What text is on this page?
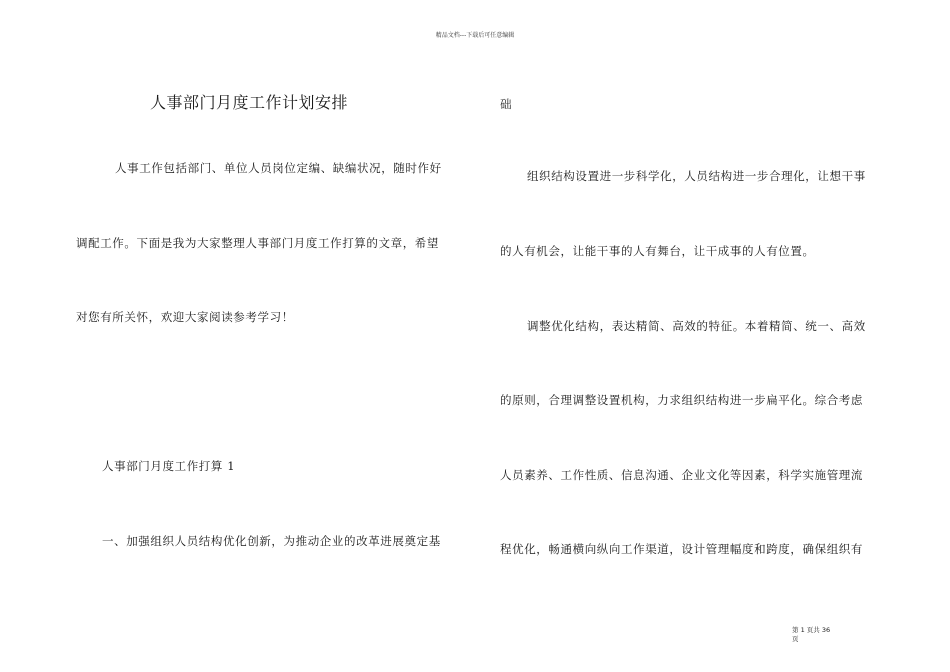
精品文档---下载后可任意编辑
人事部门月度工作计划安排
人事工作包括部门、单位人员岗位定编、缺编状况，随时作好
调配工作。下面是我为大家整理人事部门月度工作打算的文章，希望
对您有所关怀，欢迎大家阅读参考学习！
人事部门月度工作打算 1
一、加强组织人员结构优化创新，为推动企业的改革进展奠定基
础
组织结构设置进一步科学化，人员结构进一步合理化，让想干事
的人有机会，让能干事的人有舞台，让干成事的人有位置。
调整优化结构，表达精简、高效的特征。本着精简、统一、高效
的原则，合理调整设置机构，力求组织结构进一步扁平化。综合考虑
人员素养、工作性质、信息沟通、企业文化等因素，科学实施管理流
程优化，畅通横向纵向工作渠道，设计管理幅度和跨度，确保组织有
第 1 页共 36 页
